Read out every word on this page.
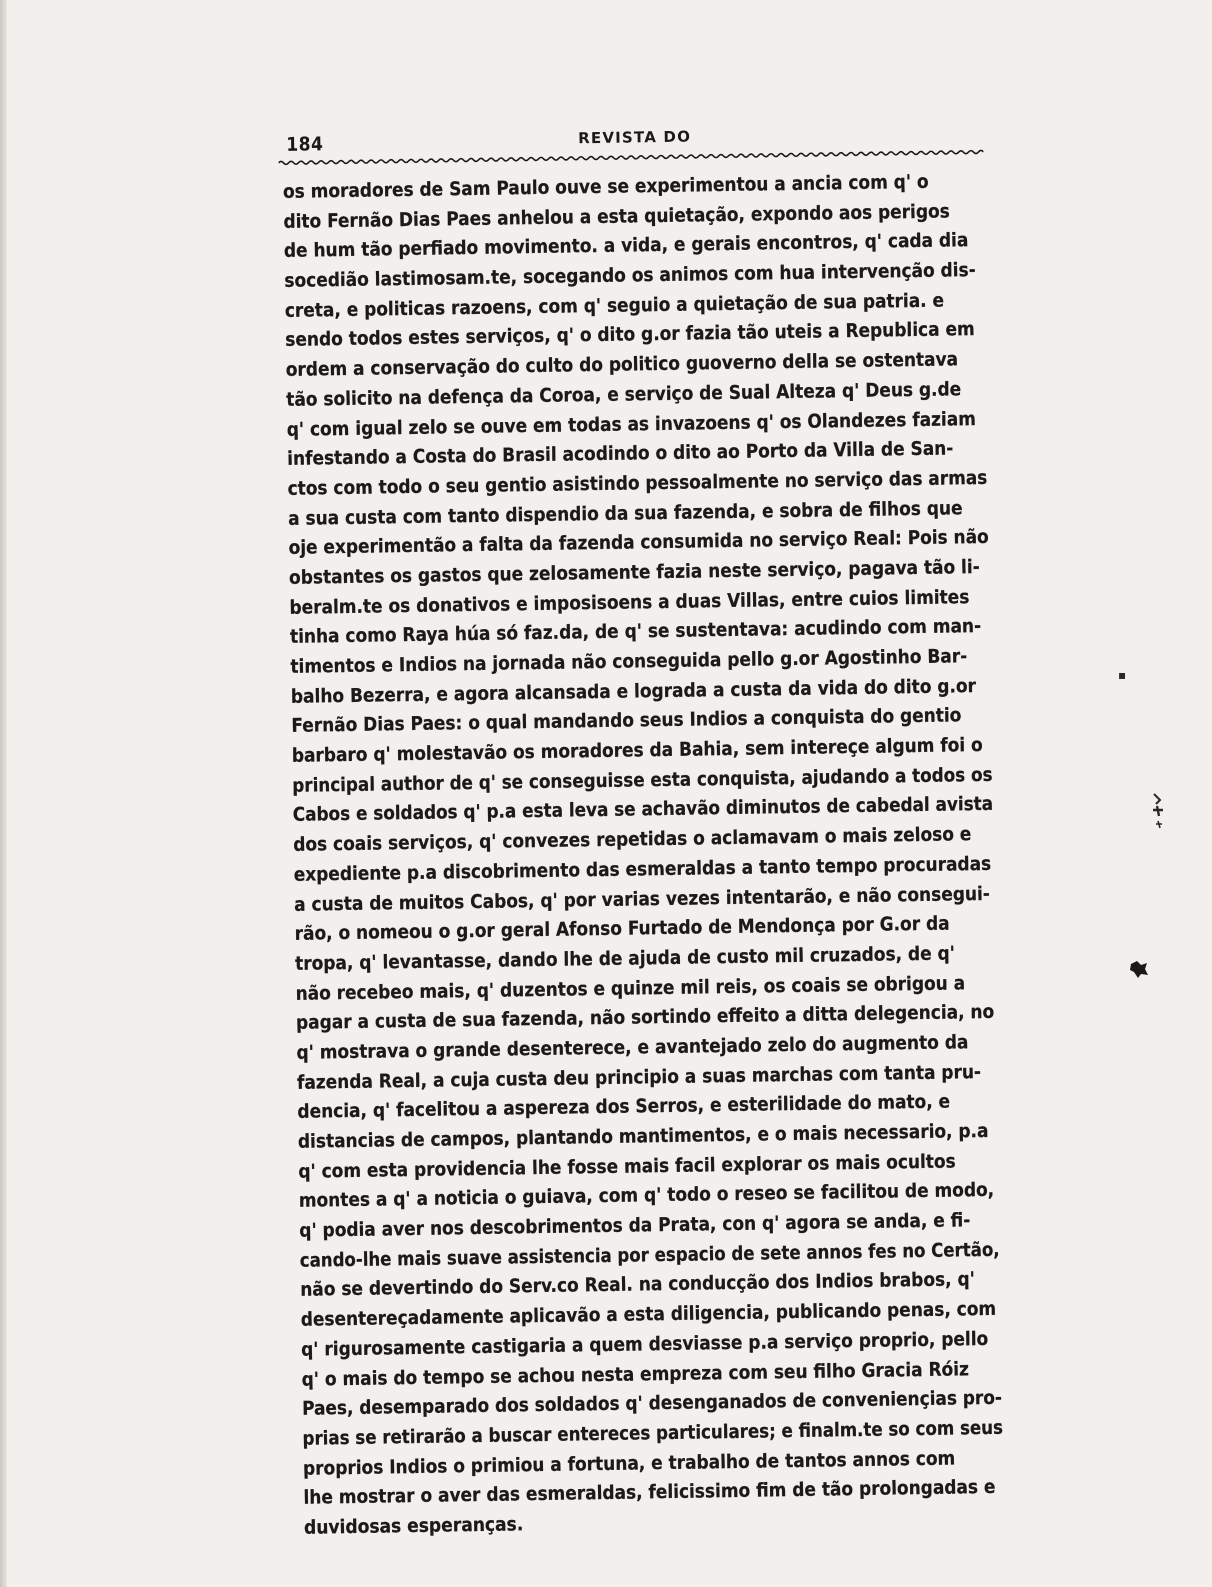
184	REVISTA DO
os moradores de Sam Paulo ouve se experimentou a ancia com q' o
dito Fernão Dias Paes anhelou a esta quietação, expondo aos perigos
de hum tão perfiado movimento. a vida, e gerais encontros, q' cada dia
socedião lastimosam.te, socegando os animos com hua intervenção dis-
creta, e politicas razoens, com q' seguio a quietação de sua patria. e
sendo todos estes serviços, q' o dito g.or fazia tão uteis a Republica em
ordem a conservação do culto do politico guoverno della se ostentava
tão solicito na defença da Coroa, e serviço de Sual Alteza q' Deus g.de
q' com igual zelo se ouve em todas as invazoens q' os Olandezes faziam
infestando a Costa do Brasil acodindo o dito ao Porto da Villa de San-
ctos com todo o seu gentio asistindo pessoalmente no serviço das armas
a sua custa com tanto dispendio da sua fazenda, e sobra de filhos que
oje experimentão a falta da fazenda consumida no serviço Real: Pois não
obstantes os gastos que zelosamente fazia neste serviço, pagava tão li-
beralm.te os donativos e imposisoens a duas Villas, entre cuios limites
tinha como Raya húa só faz.da, de q' se sustentava: acudindo com man-
timentos e Indios na jornada não conseguida pello g.or Agostinho Bar-
balho Bezerra, e agora alcansada e lograda a custa da vida do dito g.or
Fernão Dias Paes: o qual mandando seus Indios a conquista do gentio
barbaro q' molestavão os moradores da Bahia, sem intereçe algum foi o
principal author de q' se conseguisse esta conquista, ajudando a todos os
Cabos e soldados q' p.a esta leva se achavão diminutos de cabedal avista
dos coais serviços, q' convezes repetidas o aclamavam o mais zeloso e
expediente p.a discobrimento das esmeraldas a tanto tempo procuradas
a custa de muitos Cabos, q' por varias vezes intentarão, e não consegui-
rão, o nomeou o g.or geral Afonso Furtado de Mendonça por G.or da
tropa, q' levantasse, dando lhe de ajuda de custo mil cruzados, de q'
não recebeo mais, q' duzentos e quinze mil reis, os coais se obrigou a
pagar a custa de sua fazenda, não sortindo effeito a ditta delegencia, no
q' mostrava o grande desenterece, e avantejado zelo do augmento da
fazenda Real, a cuja custa deu principio a suas marchas com tanta pru-
dencia, q' facelitou a aspereza dos Serros, e esterilidade do mato, e
distancias de campos, plantando mantimentos, e o mais necessario, p.a
q' com esta providencia lhe fosse mais facil explorar os mais ocultos
montes a q' a noticia o guiava, com q' todo o reseo se facilitou de modo,
q' podia aver nos descobrimentos da Prata, con q' agora se anda, e fi-
cando-lhe mais suave assistencia por espacio de sete annos fes no Certão,
não se devertindo do Serv.co Real. na conducção dos Indios brabos, q'
desentereçadamente aplicavão a esta diligencia, publicando penas, com
q' rigurosamente castigaria a quem desviasse p.a serviço proprio, pello
q' o mais do tempo se achou nesta empreza com seu filho Gracia Róiz
Paes, desemparado dos soldados q' desenganados de conveniençias pro-
prias se retirarão a buscar entereces particulares; e finalm.te so com seus
proprios Indios o primiou a fortuna, e trabalho de tantos annos com
lhe mostrar o aver das esmeraldas, felicissimo fim de tão prolongadas e
duvidosas esperanças.
▪
